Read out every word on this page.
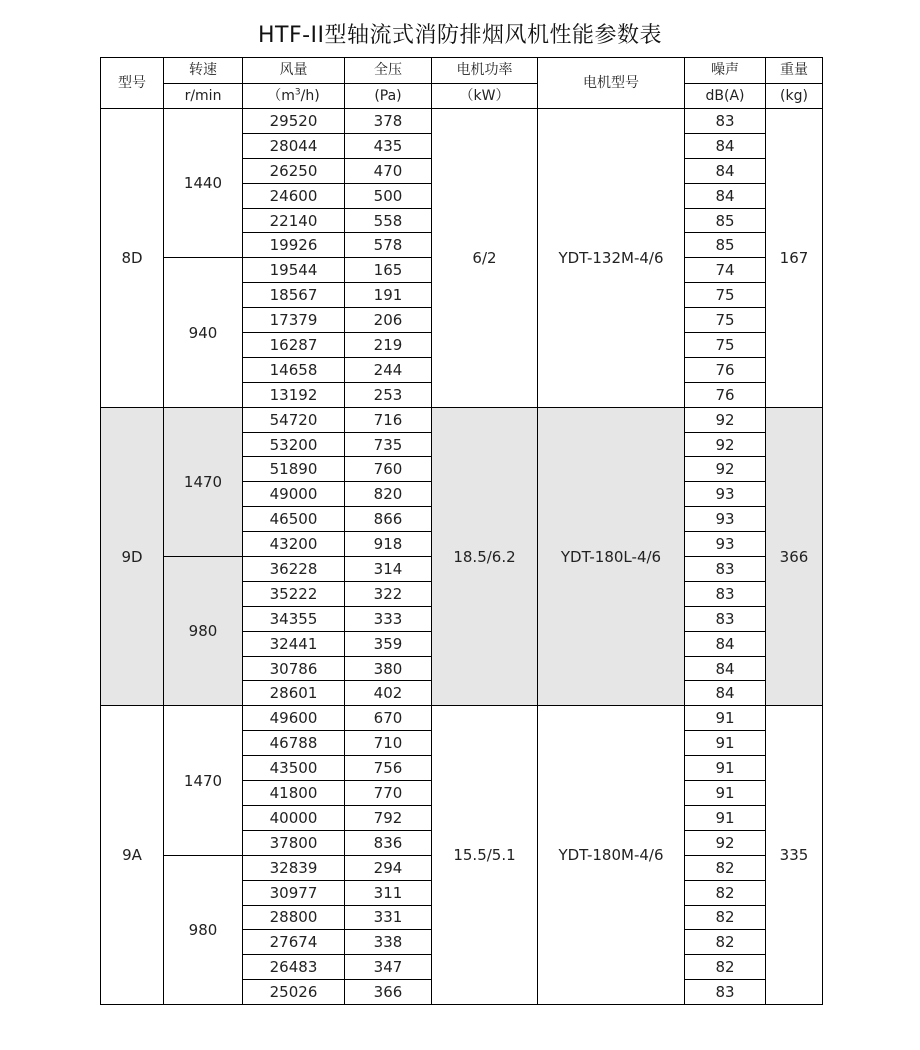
HTF-II型轴流式消防排烟风机性能参数表
型号	转速	风量	全压	电机功率	电机型号	噪声	重量
	r/min	$(m^3/h)$	(Pa)	（kW）		dB(A)	(kg)
8D	1440	29520	378	6/2	YDT-132M-4/6	83	167
		28044	435			84	
		26250	470			84	
		24600	500			84	
		22140	558			85	
		19926	578			85	
	940	19544	165			74	
		18567	191			75	
		17379	206			75	
		16287	219			75	
		14658	244			76	
		13192	253			76	
9D	1470	54720	716	18.5/6.2	YDT-180L-4/6	92	366
		53200	735			92	
		51890	760			92	
		49000	820			93	
		46500	866			93	
		43200	918			93	
	980	36228	314			83	
		35222	322			83	
		34355	333			83	
		32441	359			84	
		30786	380			84	
		28601	402			84	
9A	1470	49600	670	15.5/5.1	YDT-180M-4/6	91	335
		46788	710			91	
		43500	756			91	
		41800	770			91	
		40000	792			91	
		37800	836			92	
	980	32839	294			82	
		30977	311			82	
		28800	331			82	
		27674	338			82	
		26483	347			82	
		25026	366			83	
